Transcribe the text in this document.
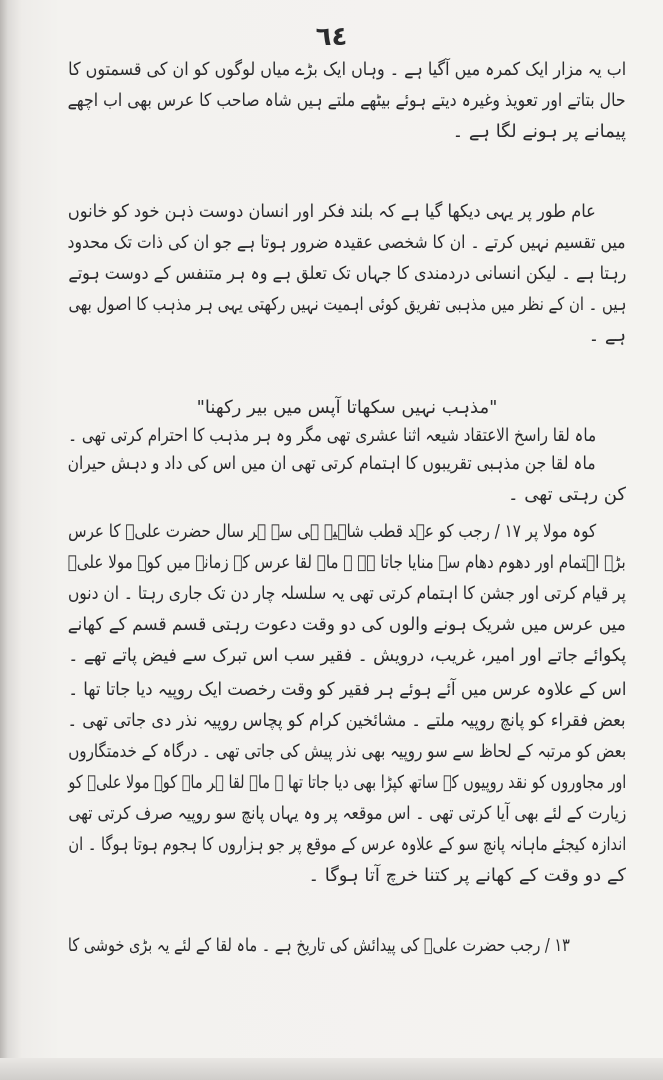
٦٤
اب یہ مزار ایک کمرہ میں آگیا ہے ۔ وہاں ایک بڑے میاں لوگوں کو ان کی قسمتوں کا
حال بتاتے اور تعویذ وغیرہ دیتے ہوئے بیٹھے ملتے ہیں شاہ صاحب کا عرس بھی اب اچھے
پیمانے پر ہونے لگا ہے ۔
عام طور پر یہی دیکھا گیا ہے کہ بلند فکر اور انسان دوست ذہن خود کو خانوں
میں تقسیم نہیں کرتے ۔ ان کا شخصی عقیدہ ضرور ہوتا ہے جو ان کی ذات تک محدود
رہتا ہے ۔ لیکن انسانی دردمندی کا جہاں تک تعلق ہے وہ ہر متنفس کے دوست ہوتے
ہیں ۔ ان کے نظر میں مذہبی تفریق کوئی اہمیت نہیں رکھتی یہی ہر مذہب کا اصول بھی
ہے ۔
"مذہب نہیں سکھاتا آپس میں بیر رکھنا"
ماہ لقا راسخ الاعتقاد شیعہ اثنا عشری تھی مگر وہ ہر مذہب کا احترام کرتی تھی ۔
ماہ لقا جن مذہبی تقریبوں کا اہتمام کرتی تھی ان میں اس کی داد و دہش حیران
کن رہتی تھی ۔
کوہ مولا پر ۱۷ / رجب کو عہد قطب شاہیہ ہی سے ہر سال حضرت علیؑ کا عرس
بڑے اہتمام اور دھوم دھام سے منایا جاتا ہے ۔ ماہ لقا عرس کے زمانے میں کوہ مولا علیؑ
پر قیام کرتی اور جشن کا اہتمام کرتی تھی یہ سلسلہ چار دن تک جاری رہتا ۔ ان دنوں
میں عرس میں شریک ہونے والوں کی دو وقت دعوت رہتی قسم قسم کے کھانے
پکوائے جاتے اور امیر، غریب، درویش ۔ فقیر سب اس تبرک سے فیض پاتے تھے ۔
اس کے علاوہ عرس میں آئے ہوئے ہر فقیر کو وقت رخصت ایک روپیہ دیا جاتا تھا ۔
بعض فقراء کو پانچ روپیہ ملتے ۔ مشائخین کرام کو پچاس روپیہ نذر دی جاتی تھی ۔
بعض کو مرتبہ کے لحاظ سے سو روپیہ بھی نذر پیش کی جاتی تھی ۔ درگاہ کے خدمتگاروں
اور مجاوروں کو نقد روپیوں کے ساتھ کپڑا بھی دیا جاتا تھا ۔ ماہ لقا ہر ماہ کوہ مولا علیؑ کو
زیارت کے لئے بھی آیا کرتی تھی ۔ اس موقعہ پر وہ یہاں پانچ سو روپیہ صرف کرتی تھی
اندازہ کیجئے ماہانہ پانچ سو کے علاوہ عرس کے موقع پر جو ہزاروں کا ہجوم ہوتا ہوگا ۔ ان
کے دو وقت کے کھانے پر کتنا خرچ آتا ہوگا ۔
۱۳ / رجب حضرت علیؑ کی پیدائش کی تاریخ ہے ۔ ماہ لقا کے لئے یہ بڑی خوشی کا
